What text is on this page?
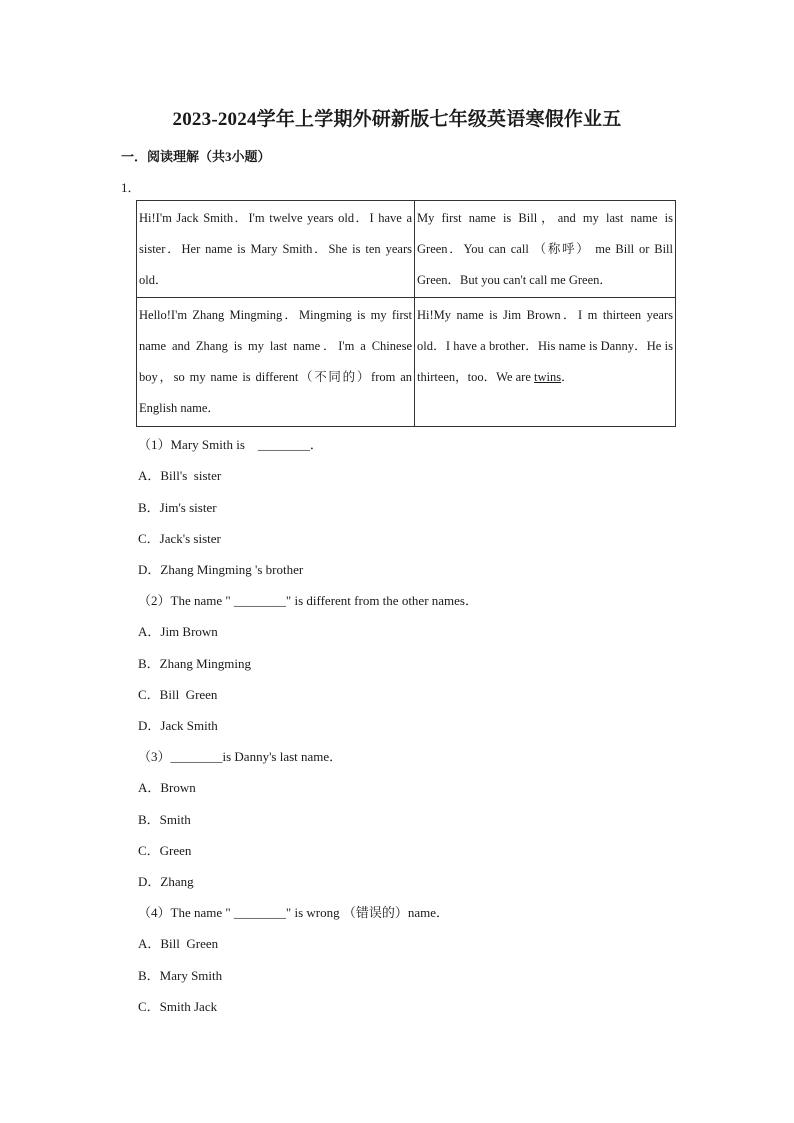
2023-2024学年上学期外研新版七年级英语寒假作业五
一．阅读理解（共3小题）
1．
Hi!I'm Jack Smith．I'm twelve years old．I have a sister．Her name is Mary Smith．She is ten years old．	My first name is Bill，and my last name is Green．You can call （称呼） me Bill or Bill Green．But you can't call me Green．
Hello!I'm Zhang Mingming．Mingming is my first name and Zhang is my last name．I'm a Chinese boy，so my name is different（不同的）from an English name．	Hi!My name is Jim Brown．I m thirteen years old．I have a brother．His name is Danny．He is thirteen，too．We are twins．
（1）Mary Smith is　________．
A．Bill's  sister
B．Jim's sister
C．Jack's sister
D．Zhang Mingming 's brother
（2）The name " ________" is different from the other names．
A．Jim Brown
B．Zhang Mingming
C．Bill  Green
D．Jack Smith
（3）________is Danny's last name．
A．Brown
B．Smith
C．Green
D．Zhang
（4）The name " ________" is wrong （错误的）name．
A．Bill  Green
B．Mary Smith
C．Smith Jack
